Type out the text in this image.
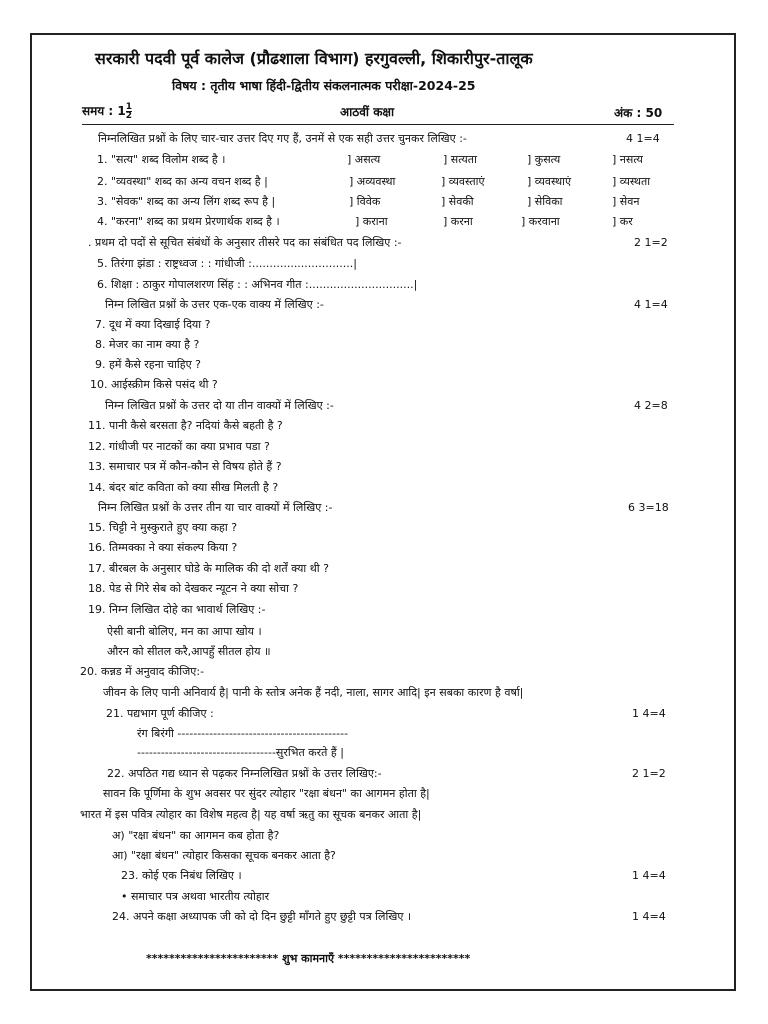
सरकारी पदवी पूर्व कालेज (प्रौढशाला विभाग) हरगुवल्ली, शिकारीपुर-तालूक
विषय : तृतीय भाषा हिंदी-द्वितीय संकलनात्मक परीक्षा-2024-25
समय : $1 \frac{1}{2}$	आठवीं कक्षा	अंक : 50
निम्नलिखित प्रश्नों के लिए चार-चार उत्तर दिए गए हैं, उनमें से एक सही उत्तर चुनकर लिखिए :-	4 1=4
1. "सत्य" शब्द विलोम शब्द है ।	] असत्य	] सत्यता	] कुसत्य	] नसत्य
2. "व्यवस्था" शब्द का अन्य वचन शब्द है |	] अव्यवस्था	] व्यवस्ताएं	] व्यवस्थाएं	] व्यस्थता
3. "सेवक" शब्द का अन्य लिंग शब्द रूप है |	] विवेक	] सेवकी	] सेविका	] सेवन
4. "करना" शब्द का प्रथम प्रेरणार्थक शब्द है ।	] कराना	] करना	] करवाना	] कर
. प्रथम दो पदों से सूचित संबंधों के अनुसार तीसरे पद का संबंधित पद लिखिए :-	2 1=2
5. तिरंगा झंडा : राष्ट्रध्वज : : गांधीजी :.............................|
6. शिक्षा : ठाकुर गोपालशरण सिंह : : अभिनव गीत :..............................|
निम्न लिखित प्रश्नों के उत्तर एक-एक वाक्य में लिखिए :-	4 1=4
7. दूध में क्या दिखाई दिया ?
8. मेजर का नाम क्या है ?
9. हमें कैसे रहना चाहिए ?
10. आईस्क्रीम किसे पसंद थी ?
निम्न लिखित प्रश्नों के उत्तर दो या तीन वाक्यों में लिखिए :-	4 2=8
11. पानी कैसे बरसता है? नदियां कैसे बहती है ?
12. गांधीजी पर नाटकों का क्या प्रभाव पडा ?
13. समाचार पत्र में कौन-कौन से विषय होते हैं ?
14. बंदर बांट कविता को क्या सीख मिलती है ?
निम्न लिखित प्रश्नों के उत्तर तीन या चार वाक्यों में लिखिए :-	6 3=18
15. चिट्टी ने मुस्कुराते हुए क्या कहा ?
16. तिम्मक्का ने क्या संकल्प किया ?
17. बीरबल के अनुसार घोडे के मालिक की दो शर्तें क्या थी ?
18. पेड से गिरे सेब को देखकर न्यूटन ने क्या सोचा ?
19. निम्न लिखित दोहे का भावार्थ लिखिए :-
ऐसी बानी बोलिए, मन का आपा खोय ।
औरन को सीतल करै,आपहुँ सीतल होय ॥
20. कन्नड में अनुवाद कीजिए:-
जीवन के लिए पानी अनिवार्य है| पानी के स्तोत्र अनेक हैं नदी, नाला, सागर आदि| इन सबका कारण है वर्षा|
21. पद्यभाग पूर्ण कीजिए :	1 4=4
रंग बिरंगी -------------------------------------------
-----------------------------------सुरभित करते हैं |
22. अपठित गद्य ध्यान से पढ़कर निम्नलिखित प्रश्नों के उत्तर लिखिए:-	2 1=2
सावन कि पूर्णिमा के शुभ अवसर पर सुंदर त्योहार "रक्षा बंधन" का आगमन होता है|
भारत में इस पवित्र त्योहार का विशेष महत्व है| यह वर्षा ऋतु का सूचक बनकर आता है|
अ) "रक्षा बंधन" का आगमन कब होता है?
आ) "रक्षा बंधन" त्योहार किसका सूचक बनकर आता है?
23. कोई एक निबंध लिखिए ।	1 4=4
• समाचार पत्र अथवा भारतीय त्योहार
24. अपने कक्षा अध्यापक जी को दो दिन छुट्टी माँगते हुए छुट्टी पत्र लिखिए ।	1 4=4
*********************** शुभ कामनाएँ ***********************
